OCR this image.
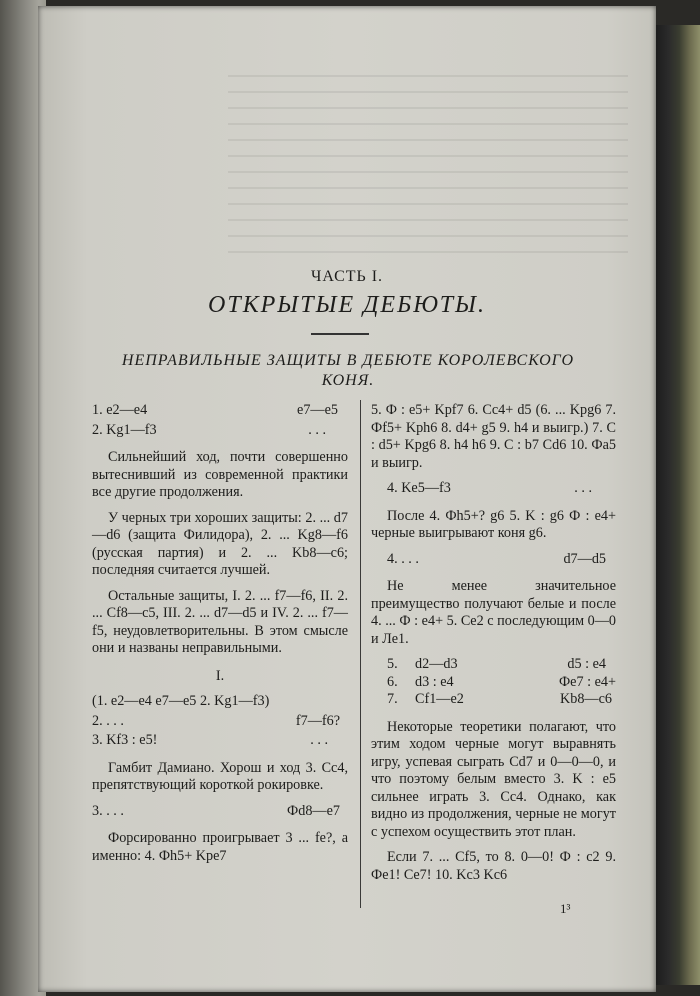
ЧАСТЬ I.
ОТКРЫТЫЕ ДЕБЮТЫ.
НЕПРАВИЛЬНЫЕ ЗАЩИТЫ В ДЕБЮТЕ КОРОЛЕВСКОГО
КОНЯ.
1. e2—e4	e7—e5
2. Kg1—f3	. . .

Сильнейший ход, почти совершенно вытеснивший из современной практики все другие продолжения.

У черных три хороших защиты: 2. ... d7—d6 (защита Филидора), 2. ... Kg8—f6 (русская партия) и 2. ... Kb8—c6; последняя считается лучшей.

Остальные защиты, I. 2. ... f7—f6, II. 2. ... Cf8—c5, III. 2. ... d7—d5 и IV. 2. ... f7—f5, неудовлетворительны. В этом смысле они и названы неправильными.

I.
(1. e2—e4 e7—e5 2. Kg1—f3)
2. . . .	f7—f6?
3. Kf3 : e5!	. . .

Гамбит Дамиано. Хорош и ход 3. Cc4, препятствующий короткой рокировке.

3. . . .	Фd8—e7

Форсированно проигрывает 3 ... fe?, а именно: 4. Фh5+ Kpe7

5. Ф : e5+ Kpf7 6. Cc4+ d5 (6. ... Kpg6 7. Фf5+ Kph6 8. d4+ g5 9. h4 и выигр.) 7. C : d5+ Kpg6 8. h4 h6 9. C : b7 Cd6 10. Фa5 и выигр.

4. Ke5—f3	. . .

После 4. Фh5+? g6 5. K : g6 Ф : e4+ черные выигрывают коня g6.

4. . . .	d7—d5

Не менее значительное преимущество получают белые и после 4. ... Ф : e4+ 5. Ce2 с последующим 0—0 и Лe1.

5.	d2—d3	d5 : e4
6.	d3 : e4	Фe7 : e4+
7.	Cf1—e2	Kb8—c6

Некоторые теоретики полагают, что этим ходом черные могут выравнять игру, успевая сыграть Cd7 и 0—0—0, и что поэтому белым вместо 3. K : e5 сильнее играть 3. Cc4. Однако, как видно из продолжения, черные не могут с успехом осуществить этот план.

Если 7. ... Cf5, то 8. 0—0! Ф : c2 9. Фe1! Ce7! 10. Kc3 Kc6

1³
